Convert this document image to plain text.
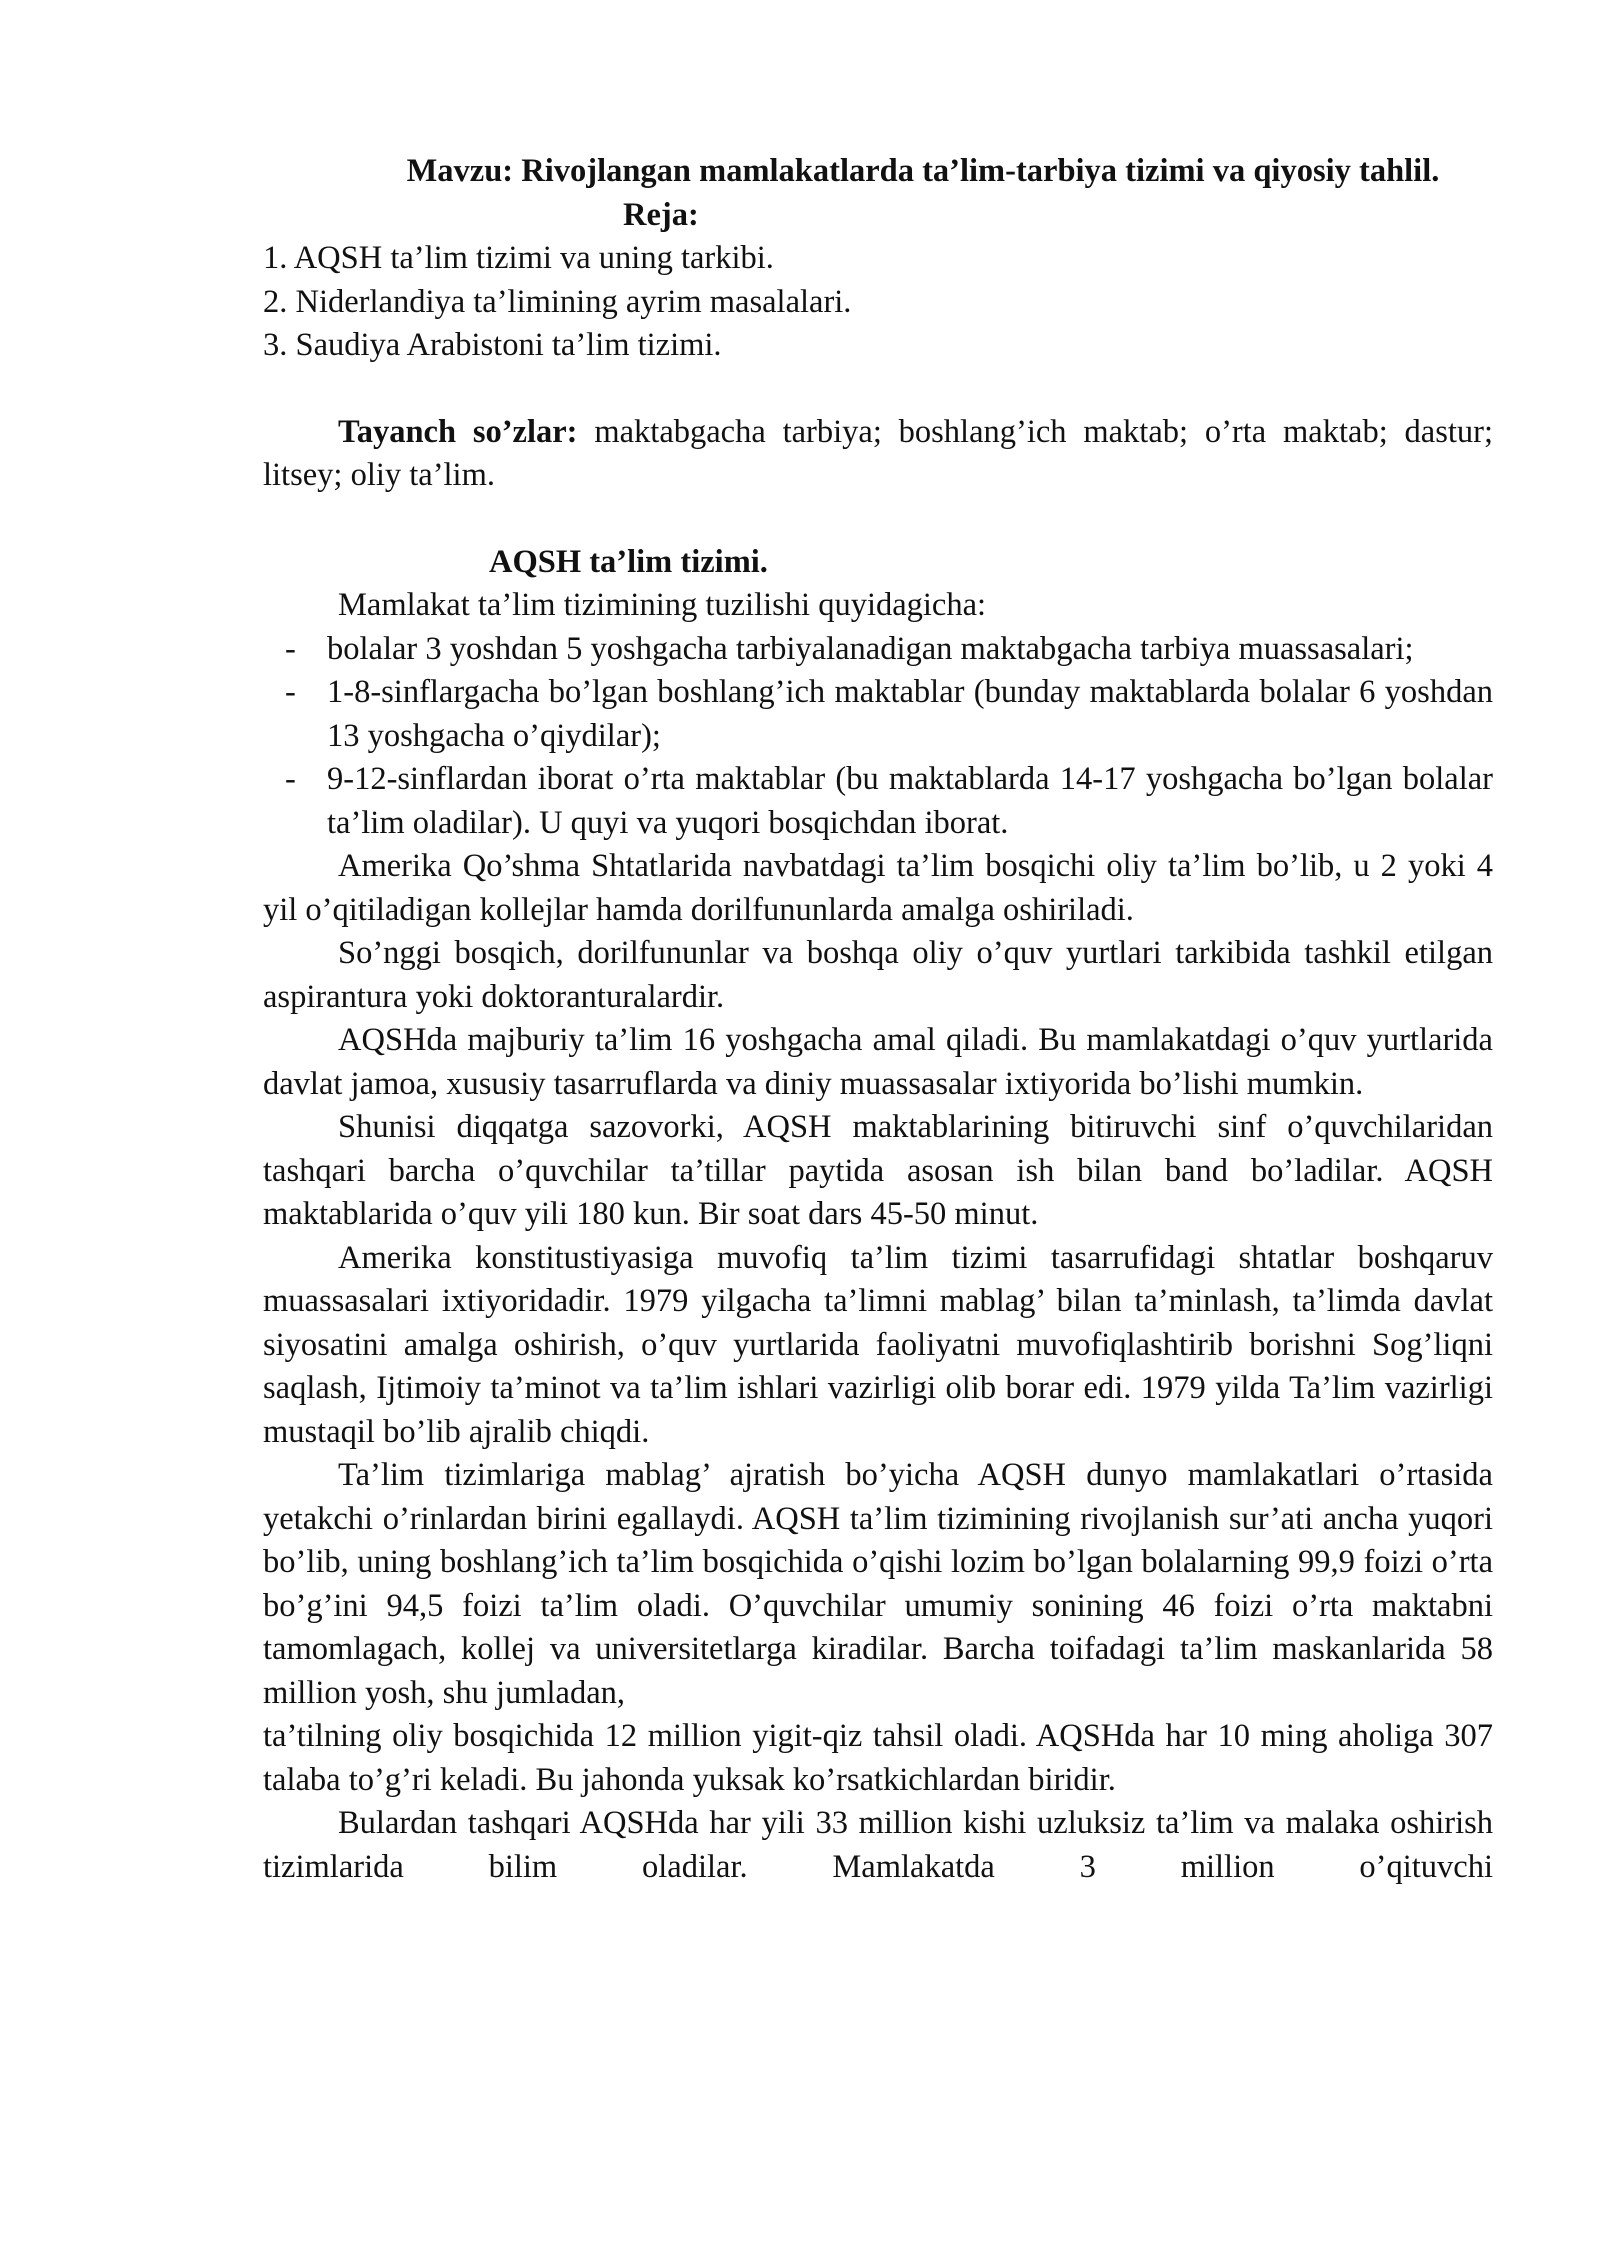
Mavzu: Rivojlangan mamlakatlarda ta’lim-tarbiya tizimi va qiyosiy tahlil.
Reja:
1. AQSH ta’lim tizimi va uning tarkibi.
2. Niderlandiya ta’limining ayrim masalalari.
3. Saudiya Arabistoni ta’lim tizimi.
Tayanch so’zlar: maktabgacha tarbiya; boshlang’ich maktab; o’rta maktab; dastur; litsey; oliy ta’lim.
AQSH ta’lim tizimi.
Mamlakat ta’lim tizimining tuzilishi quyidagicha:
- bolalar 3 yoshdan 5 yoshgacha tarbiyalanadigan maktabgacha tarbiya muassasalari;
- 1-8-sinflargacha bo’lgan boshlang’ich maktablar (bunday maktablarda bolalar 6 yoshdan 13 yoshgacha o’qiydilar);
- 9-12-sinflardan iborat o’rta maktablar (bu maktablarda 14-17 yoshgacha bo’lgan bolalar ta’lim oladilar). U quyi va yuqori bosqichdan iborat.
Amerika Qo’shma Shtatlarida navbatdagi ta’lim bosqichi oliy ta’lim bo’lib, u 2 yoki 4 yil o’qitiladigan kollejlar hamda dorilfununlarda amalga oshiriladi.
So’nggi bosqich, dorilfununlar va boshqa oliy o’quv yurtlari tarkibida tashkil etilgan aspirantura yoki doktoranturalardir.
AQSHda majburiy ta’lim 16 yoshgacha amal qiladi. Bu mamlakatdagi o’quv yurtlarida davlat jamoa, xususiy tasarruflarda va diniy muassasalar ixtiyorida bo’lishi mumkin.
Shunisi diqqatga sazovorki, AQSH maktablarining bitiruvchi sinf o’quvchilaridan tashqari barcha o’quvchilar ta’tillar paytida asosan ish bilan band bo’ladilar. AQSH maktablarida o’quv yili 180 kun. Bir soat dars 45-50 minut.
Amerika konstitustiyasiga muvofiq ta’lim tizimi tasarrufidagi shtatlar boshqaruv muassasalari ixtiyoridadir. 1979 yilgacha ta’limni mablag’ bilan ta’minlash, ta’limda davlat siyosatini amalga oshirish, o’quv yurtlarida faoliyatni muvofiqlashtirib borishni Sog’liqni saqlash, Ijtimoiy ta’minot va ta’lim ishlari vazirligi olib borar edi. 1979 yilda Ta’lim vazirligi mustaqil bo’lib ajralib chiqdi.
Ta’lim tizimlariga mablag’ ajratish bo’yicha AQSH dunyo mamlakatlari o’rtasida yetakchi o’rinlardan birini egallaydi. AQSH ta’lim tizimining rivojlanish sur’ati ancha yuqori bo’lib, uning boshlang’ich ta’lim bosqichida o’qishi lozim bo’lgan bolalarning 99,9 foizi o’rta bo’g’ini 94,5 foizi ta’lim oladi. O’quvchilar umumiy sonining 46 foizi o’rta maktabni tamomlagach, kollej va universitetlarga kiradilar. Barcha toifadagi ta’lim maskanlarida 58 million yosh, shu jumladan,
ta’tilning oliy bosqichida 12 million yigit-qiz tahsil oladi. AQSHda har 10 ming aholiga 307 talaba to’g’ri keladi. Bu jahonda yuksak ko’rsatkichlardan biridir.
Bulardan tashqari AQSHda har yili 33 million kishi uzluksiz ta’lim va malaka oshirish tizimlarida bilim oladilar. Mamlakatda 3 million o’qituvchi
